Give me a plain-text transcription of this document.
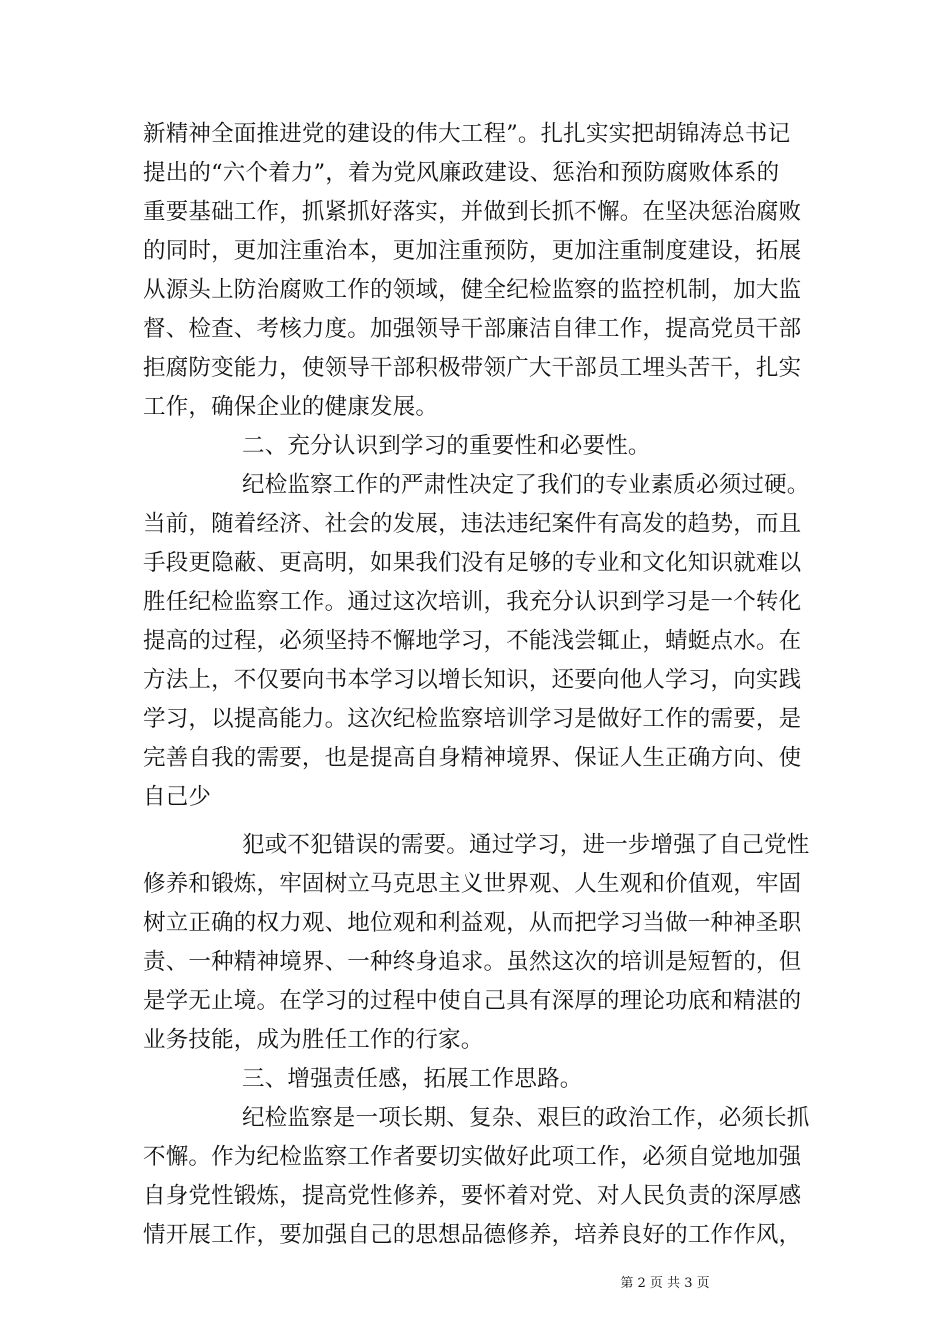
新精神全面推进党的建设的伟大工程”。扎扎实实把胡锦涛总书记
提出的“六个着力”，着为党风廉政建设、惩治和预防腐败体系的
重要基础工作，抓紧抓好落实，并做到长抓不懈。在坚决惩治腐败
的同时，更加注重治本，更加注重预防，更加注重制度建设，拓展
从源头上防治腐败工作的领域，健全纪检监察的监控机制，加大监
督、检查、考核力度。加强领导干部廉洁自律工作，提高党员干部
拒腐防变能力，使领导干部积极带领广大干部员工埋头苦干，扎实
工作，确保企业的健康发展。
二、充分认识到学习的重要性和必要性。
纪检监察工作的严肃性决定了我们的专业素质必须过硬。
当前，随着经济、社会的发展，违法违纪案件有高发的趋势，而且
手段更隐蔽、更高明，如果我们没有足够的专业和文化知识就难以
胜任纪检监察工作。通过这次培训，我充分认识到学习是一个转化
提高的过程，必须坚持不懈地学习，不能浅尝辄止，蜻蜓点水。在
方法上，不仅要向书本学习以增长知识，还要向他人学习，向实践
学习，以提高能力。这次纪检监察培训学习是做好工作的需要，是
完善自我的需要，也是提高自身精神境界、保证人生正确方向、使
自己少
犯或不犯错误的需要。通过学习，进一步增强了自己党性
修养和锻炼，牢固树立马克思主义世界观、人生观和价值观，牢固
树立正确的权力观、地位观和利益观，从而把学习当做一种神圣职
责、一种精神境界、一种终身追求。虽然这次的培训是短暂的，但
是学无止境。在学习的过程中使自己具有深厚的理论功底和精湛的
业务技能，成为胜任工作的行家。
三、增强责任感，拓展工作思路。
纪检监察是一项长期、复杂、艰巨的政治工作，必须长抓
不懈。作为纪检监察工作者要切实做好此项工作，必须自觉地加强
自身党性锻炼，提高党性修养，要怀着对党、对人民负责的深厚感
情开展工作，要加强自己的思想品德修养，培养良好的工作作风，
第 2 页 共 3 页
